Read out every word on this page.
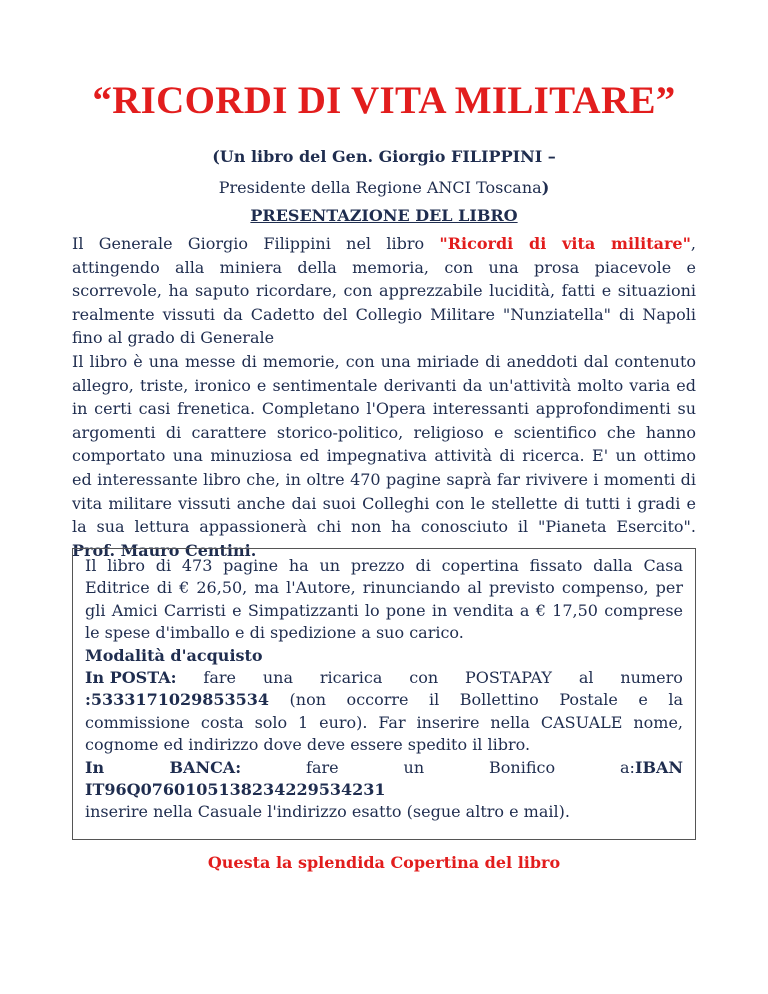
“RICORDI DI VITA MILITARE”
(Un libro del Gen. Giorgio FILIPPINI –
Presidente della Regione ANCI Toscana)
PRESENTAZIONE DEL LIBRO
Il Generale Giorgio Filippini nel libro "Ricordi di vita militare", attingendo alla miniera della memoria, con una prosa piacevole e scorrevole, ha saputo ricordare, con apprezzabile lucidità, fatti e situazioni realmente vissuti da Cadetto del Collegio Militare "Nunziatella" di Napoli fino al grado di Generale
Il libro è una messe di memorie, con una miriade di aneddoti dal contenuto allegro, triste, ironico e sentimentale derivanti da un'attività molto varia ed in certi casi frenetica. Completano l'Opera interessanti approfondimenti su argomenti di carattere storico-politico, religioso e scientifico che hanno comportato una minuziosa ed impegnativa attività di ricerca. E' un ottimo ed interessante libro che, in oltre 470 pagine saprà far rivivere i momenti di vita militare vissuti anche dai suoi Colleghi con le stellette di tutti i gradi e la sua lettura appassionerà chi non ha conosciuto il "Pianeta Esercito". Prof. Mauro Centini.

Il libro di 473 pagine ha un prezzo di copertina fissato dalla Casa Editrice di € 26,50, ma l'Autore, rinunciando al previsto compenso, per gli Amici Carristi e Simpatizzanti lo pone in vendita a € 17,50 comprese le spese d'imballo e di spedizione a suo carico.

Modalità d'acquisto

In POSTA: fare una ricarica con POSTAPAY al numero

:5333171029853534 (non occorre il Bollettino Postale e la commissione costa solo 1 euro). Far inserire nella CASUALE nome, cognome ed indirizzo dove deve essere spedito il libro.

In BANCA: fare un Bonifico a:IBAN IT96Q0760105138234229534231

inserire nella Casuale l'indirizzo esatto (segue altro e mail).

Questa la splendida Copertina del libro
